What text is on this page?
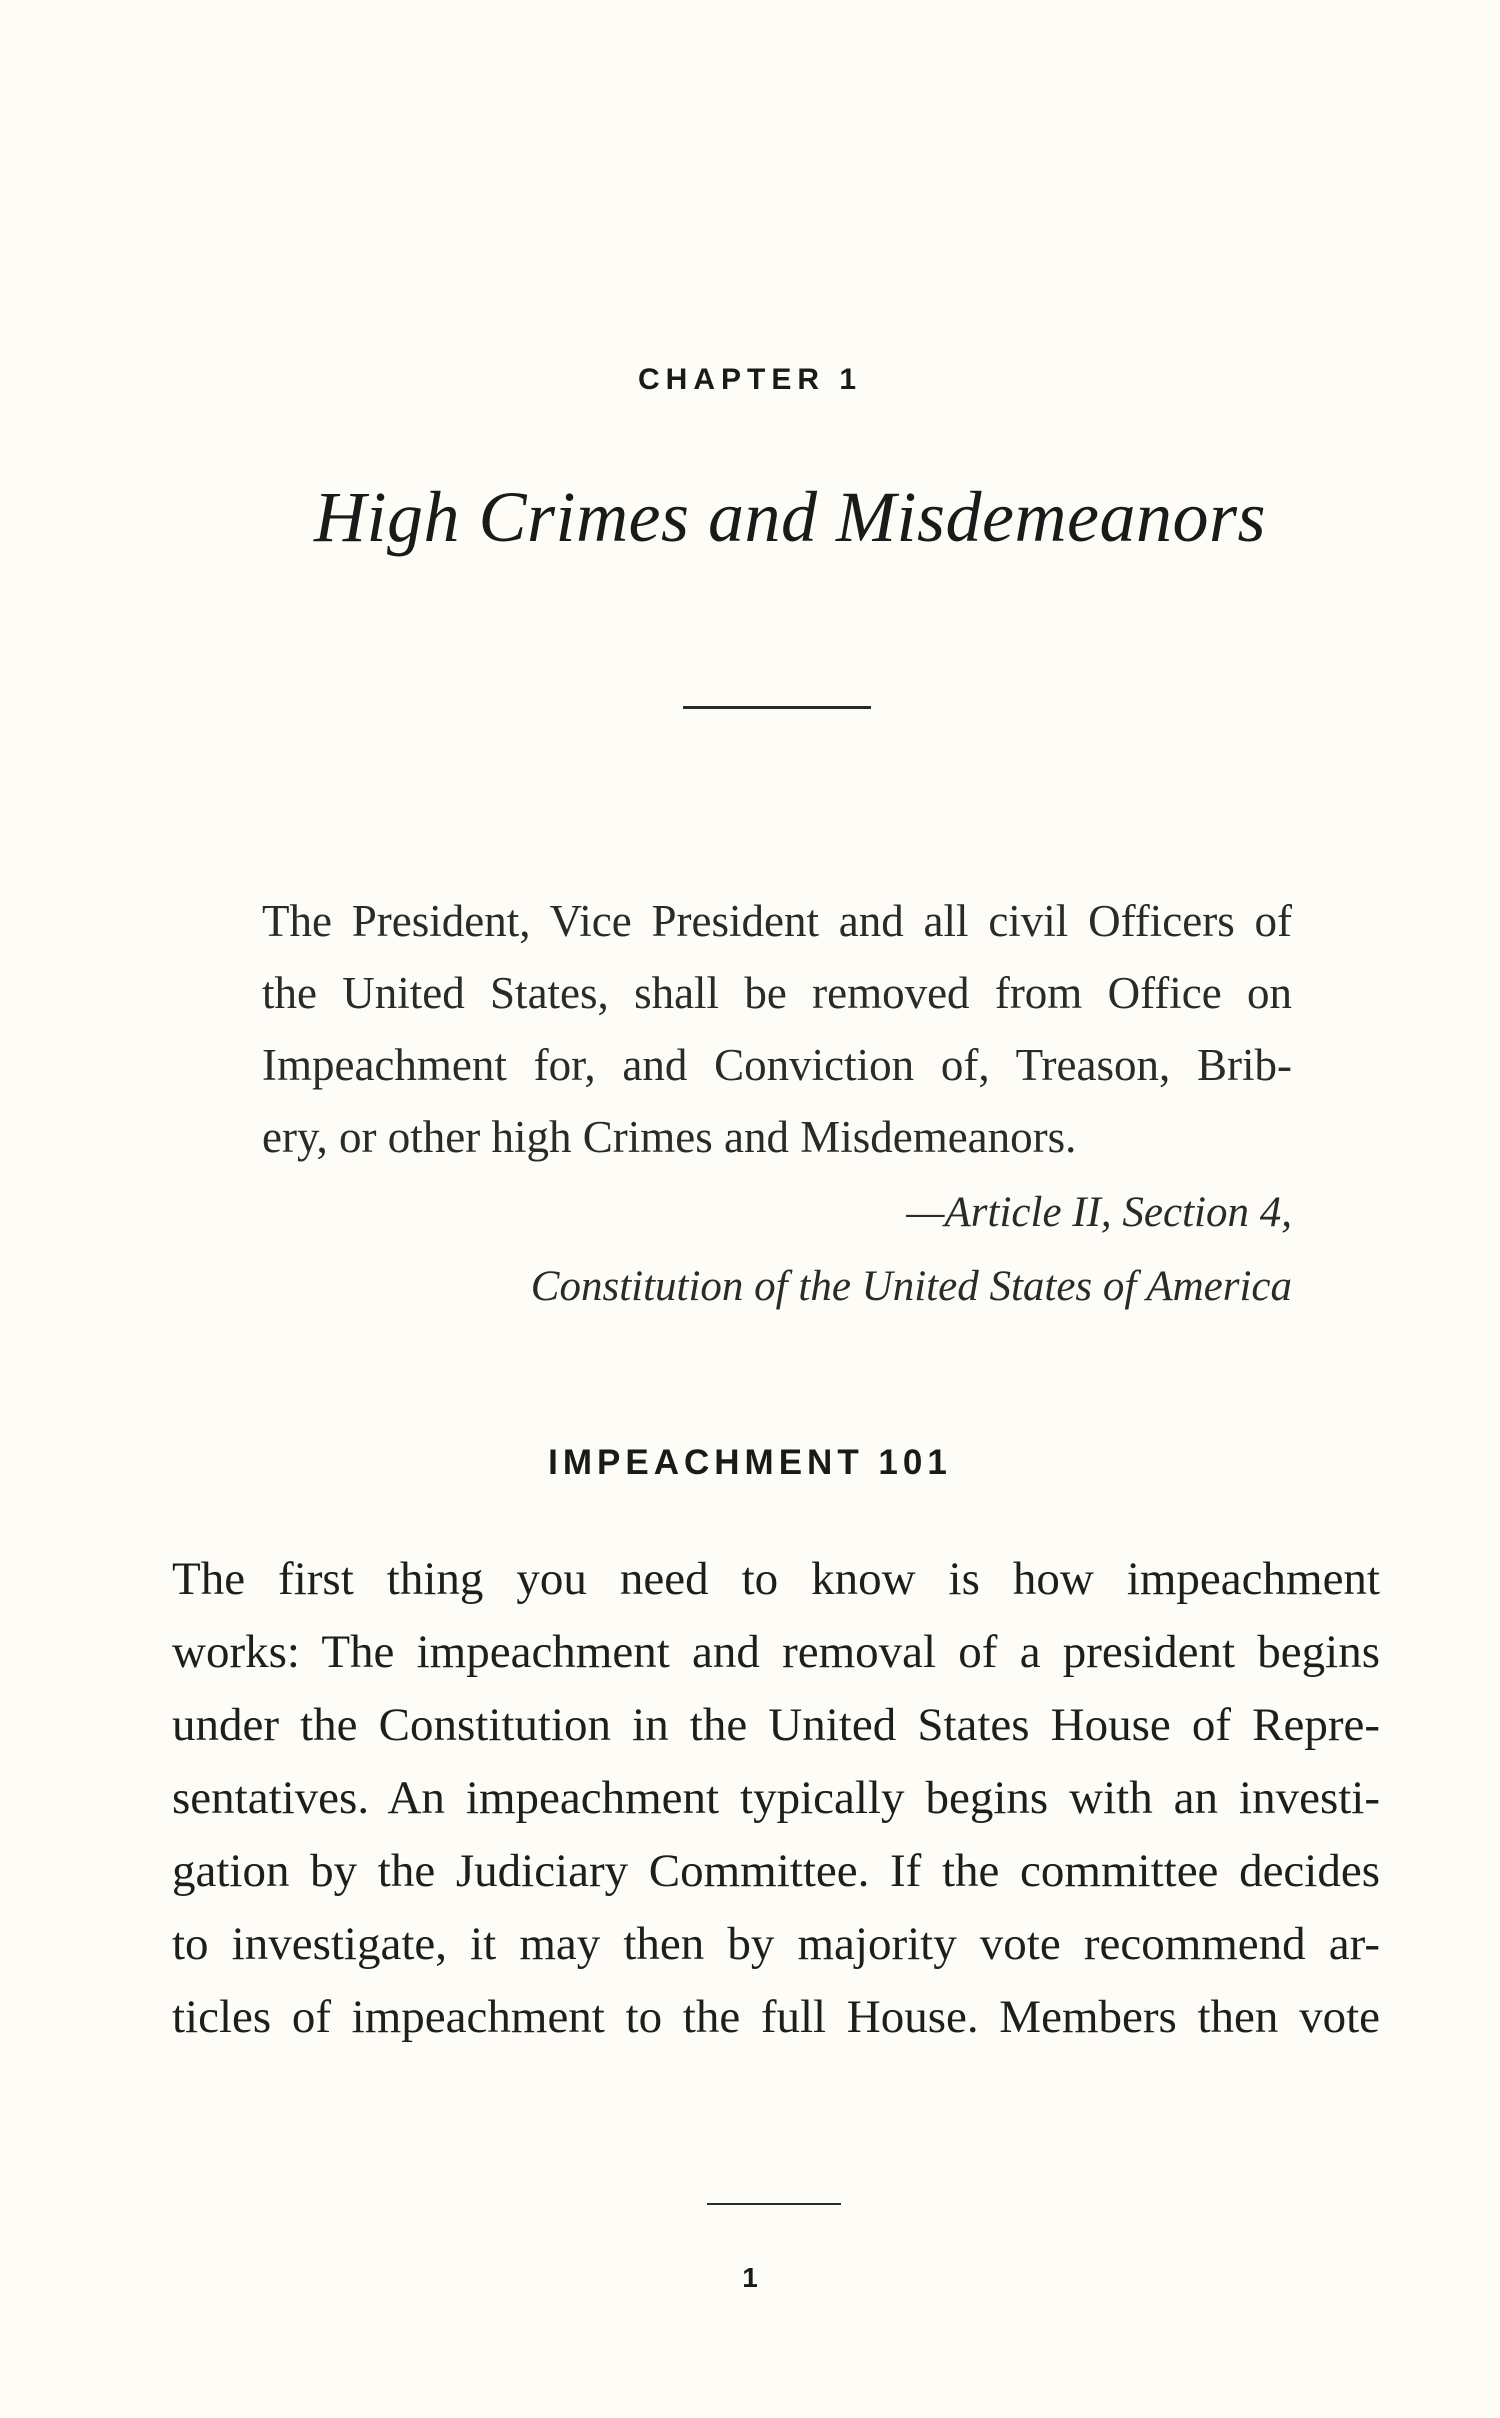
CHAPTER 1
High Crimes and Misdemeanors
The President, Vice President and all civil Officers of
the United States, shall be removed from Office on
Impeachment for, and Conviction of, Treason, Brib-
ery, or other high Crimes and Misdemeanors.
—Article II, Section 4,
Constitution of the United States of America
IMPEACHMENT 101
The first thing you need to know is how impeachment
works: The impeachment and removal of a president begins
under the Constitution in the United States House of Repre-
sentatives. An impeachment typically begins with an investi-
gation by the Judiciary Committee. If the committee decides
to investigate, it may then by majority vote recommend ar-
ticles of impeachment to the full House. Members then vote
1
